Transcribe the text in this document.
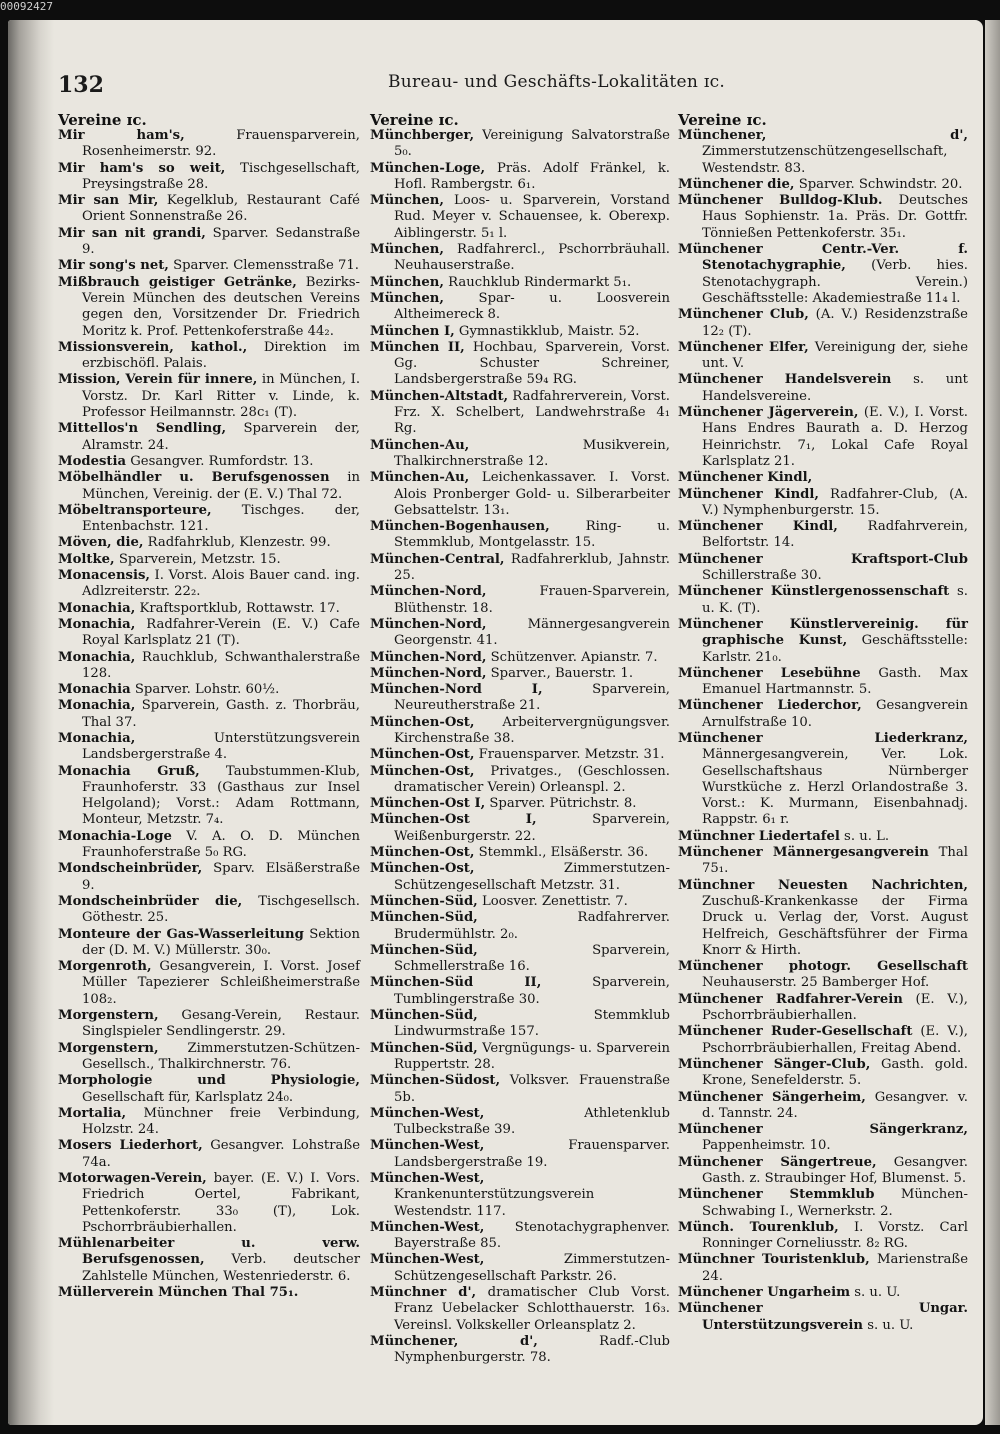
00092427
132	Bureau- und Geschäfts-Lokalitäten ɪc.
Vereine ɪc.
Mir ham's, Frauensparverein, Rosenheimerstr. 92.
Mir ham's so weit, Tischgesellschaft, Preysingstraße 28.
Mir san Mir, Kegelklub, Restaurant Café Orient Sonnenstraße 26.
Mir san nit grandi, Sparver. Sedanstraße 9.
Mir song's net, Sparver. Clemensstraße 71.
Mißbrauch geistiger Getränke, Bezirks-Verein München des deutschen Vereins gegen den, Vorsitzender Dr. Friedrich Moritz k. Prof. Pettenkoferstraße 44₂.
Missionsverein, kathol., Direktion im erzbischöfl. Palais.
Mission, Verein für innere, in München, I. Vorstz. Dr. Karl Ritter v. Linde, k. Professor Heilmannstr. 28c₁ (T).
Mittellos'n Sendling, Sparverein der, Alramstr. 24.
Modestia Gesangver. Rumfordstr. 13.
Möbelhändler u. Berufsgenossen in München, Vereinig. der (E. V.) Thal 72.
Möbeltransporteure, Tischges. der, Entenbachstr. 121.
Möven, die, Radfahrklub, Klenzestr. 99.
Moltke, Sparverein, Metzstr. 15.
Monacensis, I. Vorst. Alois Bauer cand. ing. Adlzreiterstr. 22₂.
Monachia, Kraftsportklub, Rottawstr. 17.
Monachia, Radfahrer-Verein (E. V.) Cafe Royal Karlsplatz 21 (T).
Monachia, Rauchklub, Schwanthalerstraße 128.
Monachia Sparver. Lohstr. 60½.
Monachia, Sparverein, Gasth. z. Thorbräu, Thal 37.
Monachia, Unterstützungsverein Landsbergerstraße 4.
Monachia Gruß, Taubstummen-Klub, Fraunhoferstr. 33 (Gasthaus zur Insel Helgoland); Vorst.: Adam Rottmann, Monteur, Metzstr. 7₄.
Monachia-Loge V. A. O. D. München Fraunhoferstraße 5₀ RG.
Mondscheinbrüder, Sparv. Elsäßerstraße 9.
Mondscheinbrüder die, Tischgesellsch. Göthestr. 25.
Monteure der Gas-Wasserleitung Sektion der (D. M. V.) Müllerstr. 30₀.
Morgenroth, Gesangverein, I. Vorst. Josef Müller Tapezierer Schleißheimerstraße 108₂.
Morgenstern, Gesang-Verein, Restaur. Singlspieler Sendlingerstr. 29.
Morgenstern, Zimmerstutzen-Schützen-Gesellsch., Thalkirchnerstr. 76.
Morphologie und Physiologie, Gesellschaft für, Karlsplatz 24₀.
Mortalia, Münchner freie Verbindung, Holzstr. 24.
Mosers Liederhort, Gesangver. Lohstraße 74a.
Motorwagen-Verein, bayer. (E. V.) I. Vors. Friedrich Oertel, Fabrikant, Pettenkoferstr. 33₀ (T), Lok. Pschorrbräubierhallen.
Mühlenarbeiter u. verw. Berufsgenossen, Verb. deutscher Zahlstelle München, Westenriederstr. 6.
Müllerverein München Thal 75₁.
Vereine ɪc.
Münchberger, Vereinigung Salvatorstraße 5₀.
München-Loge, Präs. Adolf Fränkel, k. Hofl. Rambergstr. 6₁.
München, Loos- u. Sparverein, Vorstand Rud. Meyer v. Schauensee, k. Oberexp. Aiblingerstr. 5₁ l.
München, Radfahrercl., Pschorrbräuhall. Neuhauserstraße.
München, Rauchklub Rindermarkt 5₁.
München, Spar- u. Loosverein Altheimereck 8.
München I, Gymnastikklub, Maistr. 52.
München II, Hochbau, Sparverein, Vorst. Gg. Schuster Schreiner, Landsbergerstraße 59₄ RG.
München-Altstadt, Radfahrerverein, Vorst. Frz. X. Schelbert, Landwehrstraße 4₁ Rg.
München-Au, Musikverein, Thalkirchnerstraße 12.
München-Au, Leichenkassaver. I. Vorst. Alois Pronberger Gold- u. Silberarbeiter Gebsattelstr. 13₁.
München-Bogenhausen, Ring- u. Stemmklub, Montgelasstr. 15.
München-Central, Radfahrerklub, Jahnstr. 25.
München-Nord, Frauen-Sparverein, Blüthenstr. 18.
München-Nord, Männergesangverein Georgenstr. 41.
München-Nord, Schützenver. Apianstr. 7.
München-Nord, Sparver., Bauerstr. 1.
München-Nord I, Sparverein, Neureutherstraße 21.
München-Ost, Arbeitervergnügungsver. Kirchenstraße 38.
München-Ost, Frauensparver. Metzstr. 31.
München-Ost, Privatges., (Geschlossen. dramatischer Verein) Orleanspl. 2.
München-Ost I, Sparver. Pütrichstr. 8.
München-Ost I, Sparverein, Weißenburgerstr. 22.
München-Ost, Stemmkl., Elsäßerstr. 36.
München-Ost, Zimmerstutzen-Schützengesellschaft Metzstr. 31.
München-Süd, Loosver. Zenettistr. 7.
München-Süd, Radfahrerver. Brudermühlstr. 2₀.
München-Süd, Sparverein, Schmellerstraße 16.
München-Süd II, Sparverein, Tumblingerstraße 30.
München-Süd, Stemmklub Lindwurmstraße 157.
München-Süd, Vergnügungs- u. Sparverein Ruppertstr. 28.
München-Südost, Volksver. Frauenstraße 5b.
München-West, Athletenklub Tulbeckstraße 39.
München-West, Frauensparver. Landsbergerstraße 19.
München-West, Krankenunterstützungsverein Westendstr. 117.
München-West, Stenotachygraphenver. Bayerstraße 85.
München-West, Zimmerstutzen-Schützengesellschaft Parkstr. 26.
Münchner d', dramatischer Club Vorst. Franz Uebelacker Schlotthauerstr. 16₃. Vereinsl. Volkskeller Orleansplatz 2.
Münchener, d', Radf.-Club Nymphenburgerstr. 78.
Vereine ɪc.
Münchener, d', Zimmerstutzenschützengesellschaft, Westendstr. 83.
Münchener die, Sparver. Schwindstr. 20.
Münchener Bulldog-Klub. Deutsches Haus Sophienstr. 1a. Präs. Dr. Gottfr. Tönnießen Pettenkoferstr. 35₁.
Münchener Centr.-Ver. f. Stenotachygraphie, (Verb. hies. Stenotachygraph. Verein.) Geschäftsstelle: Akademiestraße 11₄ l.
Münchener Club, (A. V.) Residenzstraße 12₂ (T).
Münchener Elfer, Vereinigung der, siehe unt. V.
Münchener Handelsverein s. unt Handelsvereine.
Münchener Jägerverein, (E. V.), I. Vorst. Hans Endres Baurath a. D. Herzog Heinrichstr. 7₁, Lokal Cafe Royal Karlsplatz 21.
Münchener Kindl,
Münchener Kindl, Radfahrer-Club, (A. V.) Nymphenburgerstr. 15.
Münchener Kindl, Radfahrverein, Belfortstr. 14.
Münchener Kraftsport-Club Schillerstraße 30.
Münchener Künstlergenossenschaft s. u. K. (T).
Münchener Künstlervereinig. für graphische Kunst, Geschäftsstelle: Karlstr. 21₀.
Münchener Lesebühne Gasth. Max Emanuel Hartmannstr. 5.
Münchener Liederchor, Gesangverein Arnulfstraße 10.
Münchener Liederkranz, Männergesangverein, Ver. Lok. Gesellschaftshaus Nürnberger Wurstküche z. Herzl Orlandostraße 3. Vorst.: K. Murmann, Eisenbahnadj. Rappstr. 6₁ r.
Münchner Liedertafel s. u. L.
Münchener Männergesangverein Thal 75₁.
Münchner Neuesten Nachrichten, Zuschuß-Krankenkasse der Firma Druck u. Verlag der, Vorst. August Helfreich, Geschäftsführer der Firma Knorr & Hirth.
Münchener photogr. Gesellschaft Neuhauserstr. 25 Bamberger Hof.
Münchener Radfahrer-Verein (E. V.), Pschorrbräubierhallen.
Münchener Ruder-Gesellschaft (E. V.), Pschorrbräubierhallen, Freitag Abend.
Münchener Sänger-Club, Gasth. gold. Krone, Senefelderstr. 5.
Münchener Sängerheim, Gesangver. v. d. Tannstr. 24.
Münchener Sängerkranz, Pappenheimstr. 10.
Münchener Sängertreue, Gesangver. Gasth. z. Straubinger Hof, Blumenst. 5.
Münchener Stemmklub München-Schwabing I., Wernerkstr. 2.
Münch. Tourenklub, I. Vorstz. Carl Ronninger Corneliusstr. 8₂ RG.
Münchner Touristenklub, Marienstraße 24.
Münchener Ungarheim s. u. U.
Münchener Ungar. Unterstützungsverein s. u. U.
